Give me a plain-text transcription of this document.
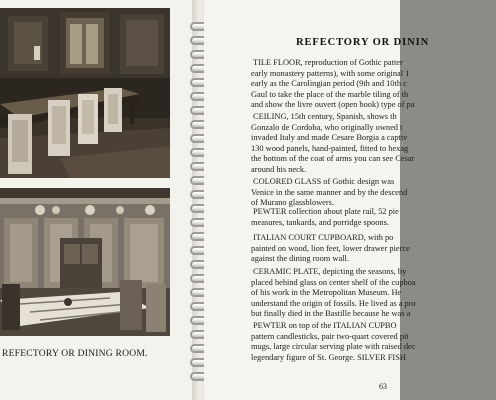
REFECTORY OR DINING ROOM.
REFECTORY OR DININ
TILE FLOOR, reproduction of Gothic patter
early monastery patterns), with some original 1
early as the Carolingian period (9th and 10th c
Gaul to take the place of the marble tiling of th
and show the livre ouvert (open book) type of pa
CEILING, 15th century, Spanish, shows th
Gonzalo de Cordoba, who originally owned t
invaded Italy and made Cesare Borgia a captiv
130 wood panels, hand-painted, fitted to hexag
the bottom of the coat of arms you can see Cesar
around his neck.
COLORED GLASS of Gothic design was
Venice in the same manner and by the descend
of Murano glassblowers.
PEWTER collection about plate rail, 52 pie
measures, tankards, and porridge spoons.
ITALIAN COURT CUPBOARD, with po
painted on wood, lion feet, lower drawer pierce
against the dining room wall.
CERAMIC PLATE, depicting the seasons, by
placed behind glass on center shelf of the cupboa
of his work in the Metropolitan Museum. He
understand the origin of fossils. He lived as a pro
but finally died in the Bastille because he was a
PEWTER on top of the ITALIAN CUPBO
pattern candlesticks, pair two-quart covered pit
mugs, large circular serving plate with raised dec
legendary figure of St. George. SILVER FISH
63
